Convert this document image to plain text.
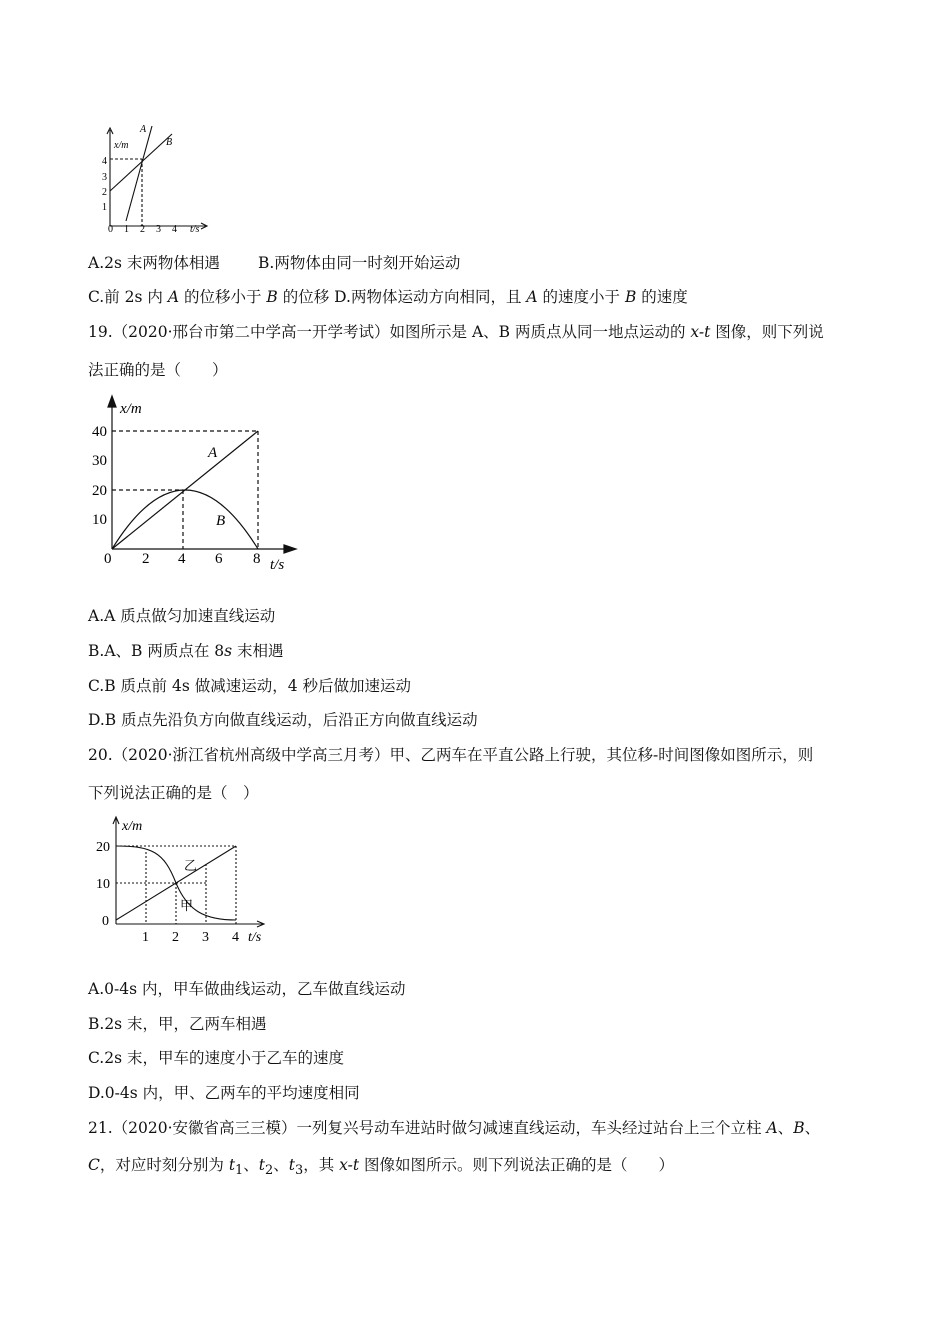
x/m
t/s
A
B
1
2
3
4
0 1 2 3 4
A.2s 末两物体相遇 B.两物体由同一时刻开始运动
C.前 2s 内 A 的位移小于 B 的位移 D.两物体运动方向相同，且 A 的速度小于 B 的速度
19.（2020·邢台市第二中学高一开学考试）如图所示是 A、B 两质点从同一地点运动的 x-t 图像，则下列说
法正确的是（　　）
x/m
t/s
A
B
10
20
30
40
0 2 4 6 8
A.A 质点做匀加速直线运动
B.A、B 两质点在 8s 末相遇
C.B 质点前 4s 做减速运动，4 秒后做加速运动
D.B 质点先沿负方向做直线运动，后沿正方向做直线运动
20.（2020·浙江省杭州高级中学高三月考）甲、乙两车在平直公路上行驶，其位移-时间图像如图所示，则
下列说法正确的是（　）
x/m
t/s
乙
甲
0
10
20
1 2 3 4
A.0-4s 内，甲车做曲线运动，乙车做直线运动
B.2s 末，甲，乙两车相遇
C.2s 末，甲车的速度小于乙车的速度
D.0-4s 内，甲、乙两车的平均速度相同
21.（2020·安徽省高三三模）一列复兴号动车进站时做匀减速直线运动，车头经过站台上三个立柱 A、B、
C，对应时刻分别为 $t_1$、$t_2$、$t_3$，其 x-t 图像如图所示。则下列说法正确的是（　　）
